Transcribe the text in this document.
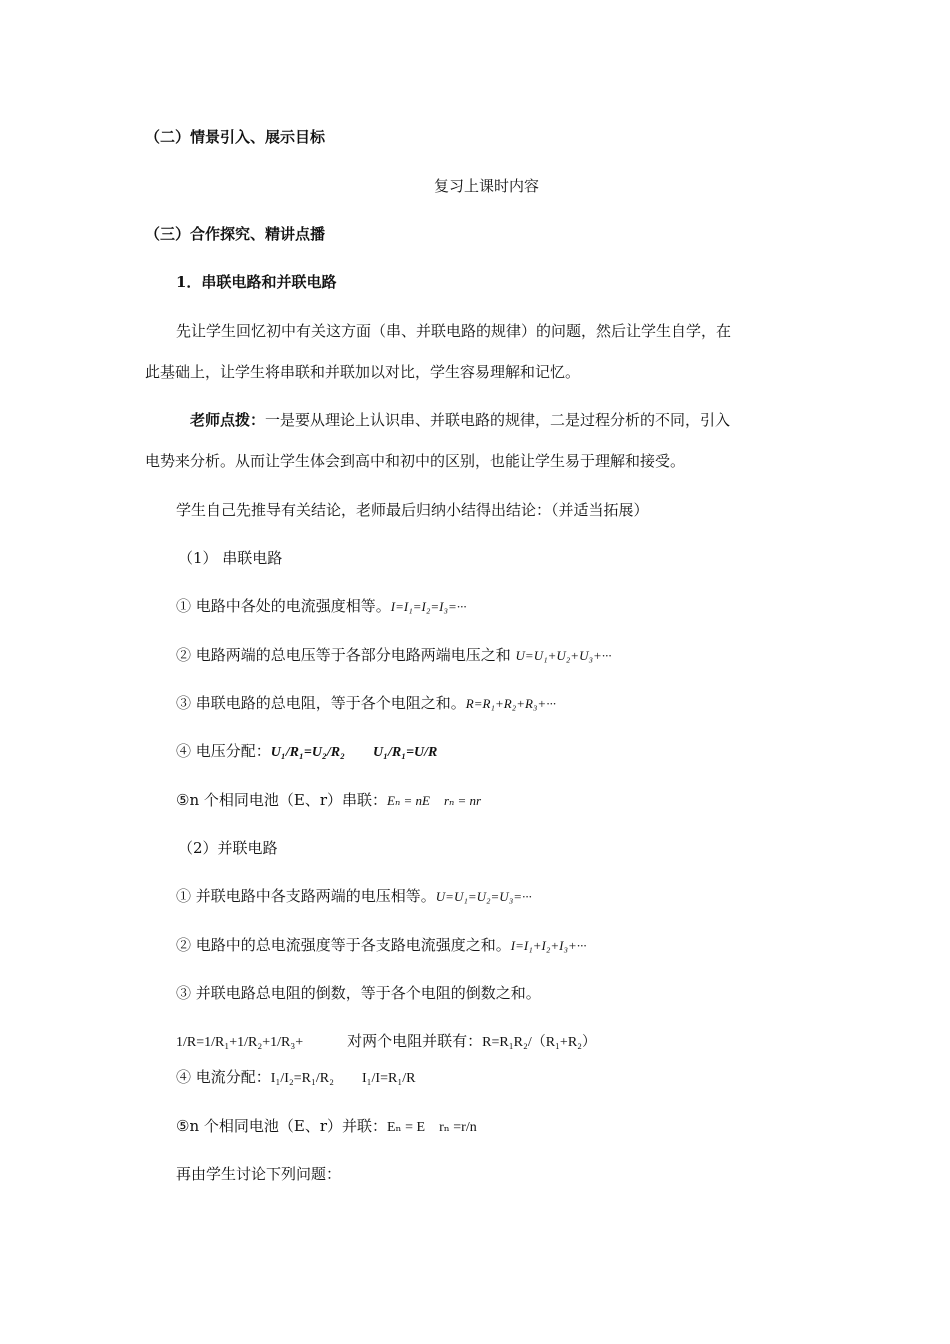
（二）情景引入、展示目标
复习上课时内容
（三）合作探究、精讲点播
1．串联电路和并联电路
先让学生回忆初中有关这方面（串、并联电路的规律）的问题，然后让学生自学，在
此基础上，让学生将串联和并联加以对比，学生容易理解和记忆。
老师点拨：一是要从理论上认识串、并联电路的规律，二是过程分析的不同，引入
电势来分析。从而让学生体会到高中和初中的区别，也能让学生易于理解和接受。
学生自己先推导有关结论，老师最后归纳小结得出结论：（并适当拓展）
（1） 串联电路
① 电路中各处的电流强度相等。I=I₁=I₂=I₃=···
② 电路两端的总电压等于各部分电路两端电压之和 U=U₁+U₂+U₃+···
③ 串联电路的总电阻，等于各个电阻之和。R=R₁+R₂+R₃+···
④ 电压分配：U₁/R₁=U₂/R₂ U₁/R₁=U/R
⑤n 个相同电池（E、r）串联：Eₙ = nE rₙ = nr
（2）并联电路
① 并联电路中各支路两端的电压相等。U=U₁=U₂=U₃=···
② 电路中的总电流强度等于各支路电流强度之和。I=I₁+I₂+I₃+···
③ 并联电路总电阻的倒数，等于各个电阻的倒数之和。
1/R=1/R₁+1/R₂+1/R₃+	对两个电阻并联有：R=R₁R₂/（R₁+R₂）
④ 电流分配：I₁/I₂=R₁/R₂ I₁/I=R₁/R
⑤n 个相同电池（E、r）并联：Eₙ = E rₙ =r/n
再由学生讨论下列问题：
